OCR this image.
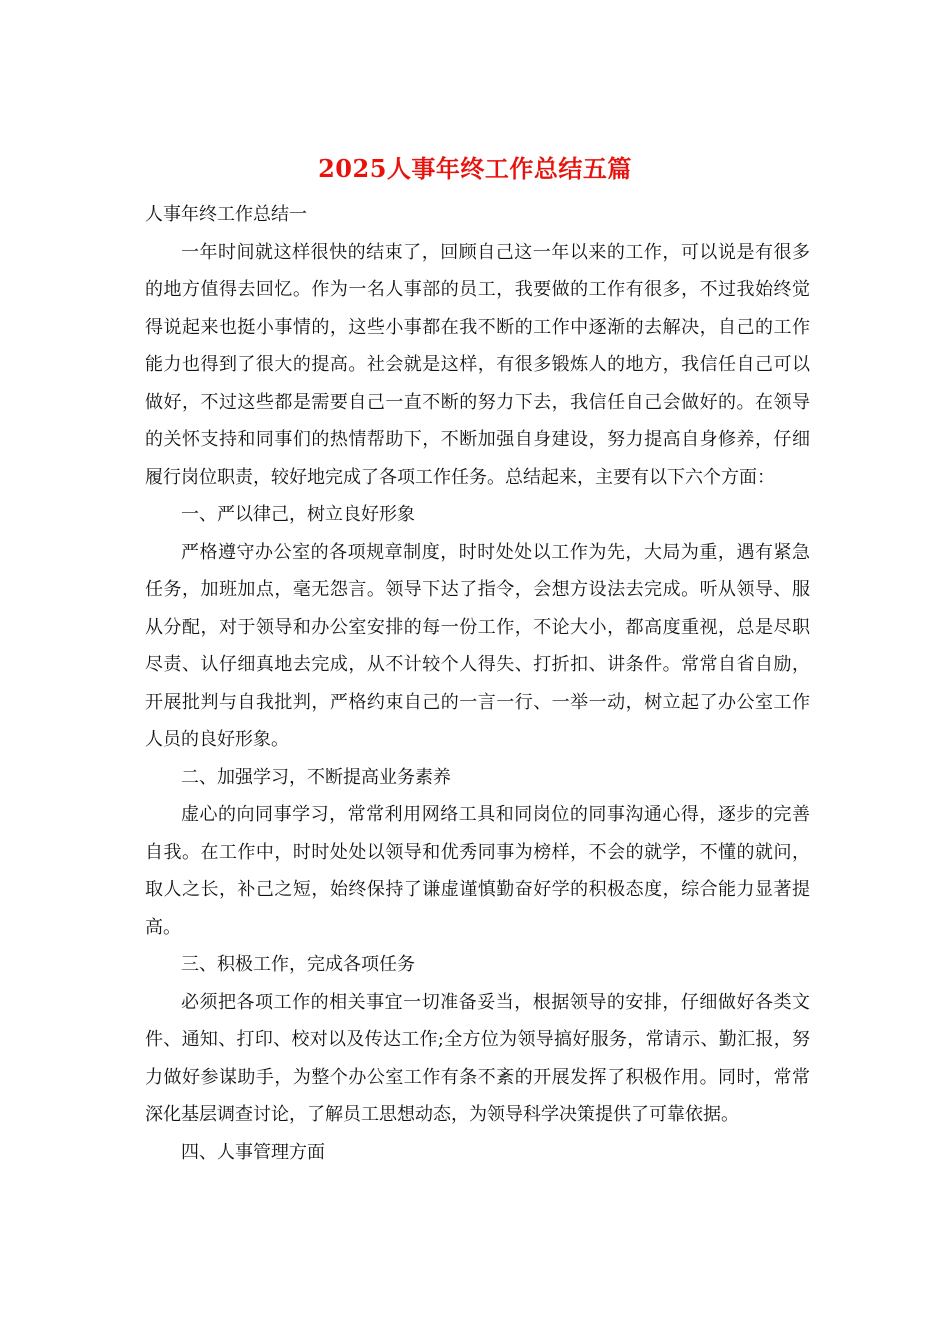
2025人事年终工作总结五篇

人事年终工作总结一

一年时间就这样很快的结束了，回顾自己这一年以来的工作，可以说是有很多的地方值得去回忆。作为一名人事部的员工，我要做的工作有很多，不过我始终觉得说起来也挺小事情的，这些小事都在我不断的工作中逐渐的去解决，自己的工作能力也得到了很大的提高。社会就是这样，有很多锻炼人的地方，我信任自己可以做好，不过这些都是需要自己一直不断的努力下去，我信任自己会做好的。在领导的关怀支持和同事们的热情帮助下，不断加强自身建设，努力提高自身修养，仔细履行岗位职责，较好地完成了各项工作任务。总结起来，主要有以下六个方面：

一、严以律己，树立良好形象

严格遵守办公室的各项规章制度，时时处处以工作为先，大局为重，遇有紧急任务，加班加点，毫无怨言。领导下达了指令，会想方设法去完成。听从领导、服从分配，对于领导和办公室安排的每一份工作，不论大小，都高度重视，总是尽职尽责、认仔细真地去完成，从不计较个人得失、打折扣、讲条件。常常自省自励，开展批判与自我批判，严格约束自己的一言一行、一举一动，树立起了办公室工作人员的良好形象。

二、加强学习，不断提高业务素养

虚心的向同事学习，常常利用网络工具和同岗位的同事沟通心得，逐步的完善自我。在工作中，时时处处以领导和优秀同事为榜样，不会的就学，不懂的就问，取人之长，补己之短，始终保持了谦虚谨慎勤奋好学的积极态度，综合能力显著提高。

三、积极工作，完成各项任务

必须把各项工作的相关事宜一切准备妥当，根据领导的安排，仔细做好各类文件、通知、打印、校对以及传达工作;全方位为领导搞好服务，常请示、勤汇报，努力做好参谋助手，为整个办公室工作有条不紊的开展发挥了积极作用。同时，常常深化基层调查讨论，了解员工思想动态，为领导科学决策提供了可靠依据。

四、人事管理方面
